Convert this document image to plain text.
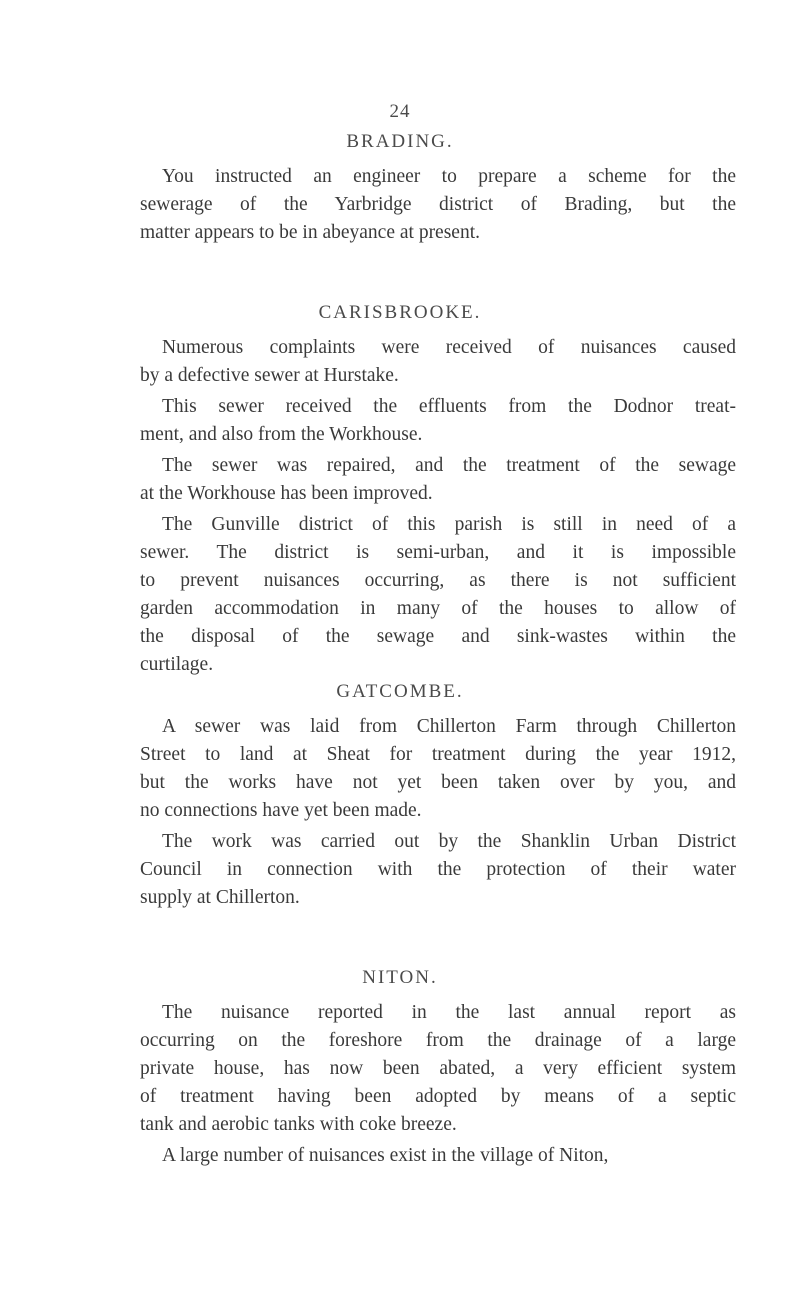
24
BRADING.
You instructed an engineer to prepare a scheme for the
sewerage of the Yarbridge district of Brading, but the
matter appears to be in abeyance at present.
CARISBROOKE.
Numerous complaints were received of nuisances caused
by a defective sewer at Hurstake.
This sewer received the effluents from the Dodnor treat-
ment, and also from the Workhouse.
The sewer was repaired, and the treatment of the sewage
at the Workhouse has been improved.
The Gunville district of this parish is still in need of a
sewer. The district is semi-urban, and it is impossible
to prevent nuisances occurring, as there is not sufficient
garden accommodation in many of the houses to allow of
the disposal of the sewage and sink-wastes within the
curtilage.
GATCOMBE.
A sewer was laid from Chillerton Farm through Chillerton
Street to land at Sheat for treatment during the year 1912,
but the works have not yet been taken over by you, and
no connections have yet been made.
The work was carried out by the Shanklin Urban District
Council in connection with the protection of their water
supply at Chillerton.
NITON.
The nuisance reported in the last annual report as
occurring on the foreshore from the drainage of a large
private house, has now been abated, a very efficient system
of treatment having been adopted by means of a septic
tank and aerobic tanks with coke breeze.
A large number of nuisances exist in the village of Niton,
